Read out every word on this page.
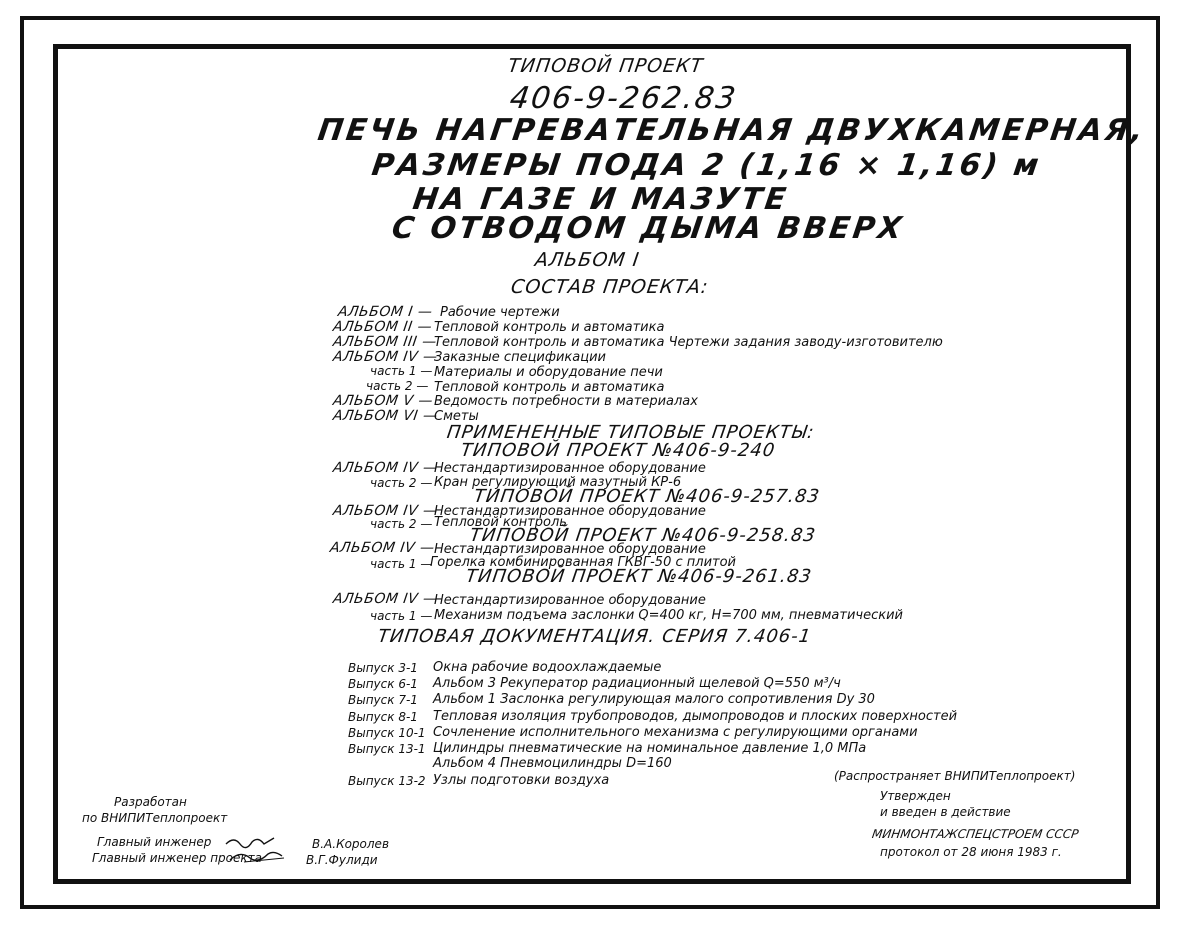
ТИПОВОЙ ПРОЕКТ
406-9-262.83
ПЕЧЬ НАГРЕВАТЕЛЬНАЯ ДВУХКАМЕРНАЯ,
РАЗМЕРЫ ПОДА 2 (1,16 × 1,16) м
НА ГАЗЕ И МАЗУТЕ
С ОТВОДОМ ДЫМА ВВЕРХ
АЛЬБОМ I
СОСТАВ ПРОЕКТА:
АЛЬБОМ I — Рабочие чертежи
АЛЬБОМ II — Тепловой контроль и автоматика
АЛЬБОМ III —
Тепловой контроль и автоматика Чертежи задания заводу-изготовителю
АЛЬБОМ IV —
Заказные спецификации
часть 1 — Материалы и оборудование печи
часть 2 — Тепловой контроль и автоматика
АЛЬБОМ V — Ведомость потребности в материалах
АЛЬБОМ VI —
Сметы
ПРИМЕНЕННЫЕ ТИПОВЫЕ ПРОЕКТЫ:
ТИПОВОЙ ПРОЕКТ №406-9-240
АЛЬБОМ IV —
Нестандартизированное оборудование
часть 2 — Кран регулирующий мазутный КР-6
ТИПОВОЙ ПРОЕКТ №406-9-257.83
АЛЬБОМ IV —
Нестандартизированное оборудование
часть 2 — Тепловой контроль
ТИПОВОЙ ПРОЕКТ №406-9-258.83
АЛЬБОМ IV —
Нестандартизированное оборудование
часть 1 —
Горелка комбинированная ГКВГ-50 с плитой
ТИПОВОЙ ПРОЕКТ №406-9-261.83
АЛЬБОМ IV —
Нестандартизированное оборудование
часть 1 — Механизм подъема заслонки Q=400 кг, H=700 мм, пневматический
ТИПОВАЯ ДОКУМЕНТАЦИЯ. СЕРИЯ 7.406-1
Выпуск 3-1 Окна рабочие водоохлаждаемые
Выпуск 6-1 Альбом 3 Рекуператор радиационный щелевой Q=550 м³/ч
Выпуск 7-1 Альбом 1 Заслонка регулирующая малого сопротивления Dу 30
Выпуск 8-1 Тепловая изоляция трубопроводов, дымопроводов и плоских поверхностей
Выпуск 10-1 Сочленение исполнительного механизма с регулирующими органами
Выпуск 13-1 Цилиндры пневматические на номинальное давление 1,0 МПа
Альбом 4 Пневмоцилиндры D=160
Выпуск 13-2 Узлы подготовки воздуха
Разработан
по ВНИПИТеплопроект
Главный инженер
Главный инженер проекта
В.А.Королев
В.Г.Фулиди
(Распространяет ВНИПИТеплопроект)
Утвержден
и введен в действие
МИНМОНТАЖСПЕЦСТРОЕМ СССР
протокол от 28 июня 1983 г.
